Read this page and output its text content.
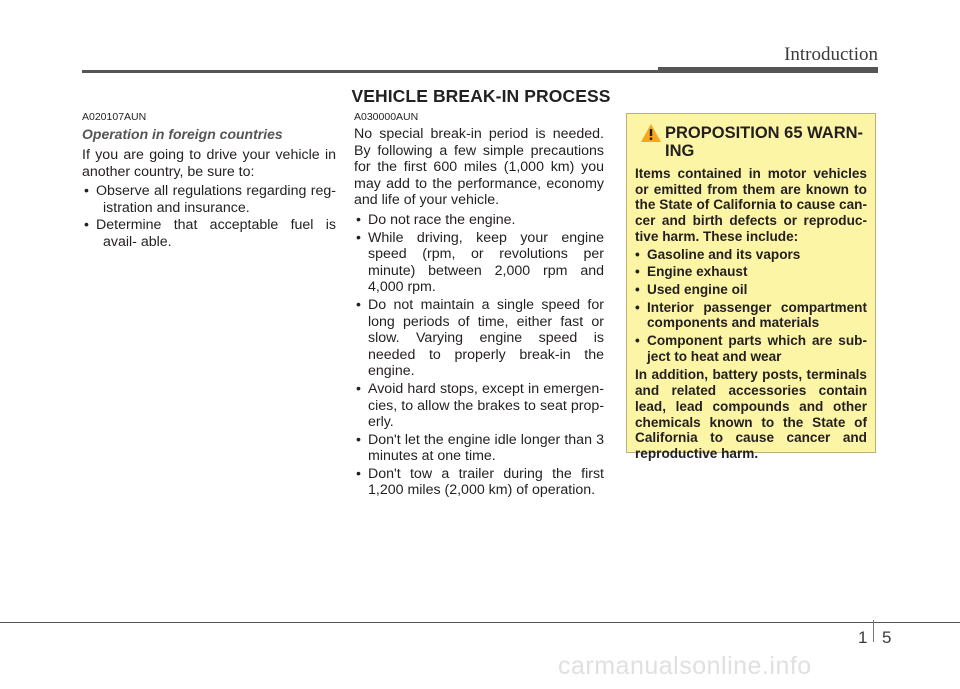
Introduction
VEHICLE BREAK-IN PROCESS
A020107AUN
Operation in foreign countries

If you are going to drive your vehicle in another country, be sure to:

• Observe all regulations regarding reg- istration and insurance.
• Determine that acceptable fuel is avail- able.
A030000AUN

No special break-in period is needed. By following a few simple precautions for the first 600 miles (1,000 km) you may add to the performance, economy and life of your vehicle.

• Do not race the engine.
• While driving, keep your engine speed (rpm, or revolutions per minute) between 2,000 rpm and 4,000 rpm.
• Do not maintain a single speed for long periods of time, either fast or slow. Varying engine speed is needed to properly break-in the engine.
• Avoid hard stops, except in emergen- cies, to allow the brakes to seat prop- erly.
• Don't let the engine idle longer than 3 minutes at one time.
• Don't tow a trailer during the first 1,200 miles (2,000 km) of operation.
PROPOSITION 65 WARN- ING

Items contained in motor vehicles or emitted from them are known to the State of California to cause can- cer and birth defects or reproduc- tive harm. These include:

• Gasoline and its vapors
• Engine exhaust
• Used engine oil
• Interior passenger compartment components and materials
• Component parts which are sub- ject to heat and wear

In addition, battery posts, terminals and related accessories contain lead, lead compounds and other chemicals known to the State of California to cause cancer and reproductive harm.

1 5
carmanualsonline.info
